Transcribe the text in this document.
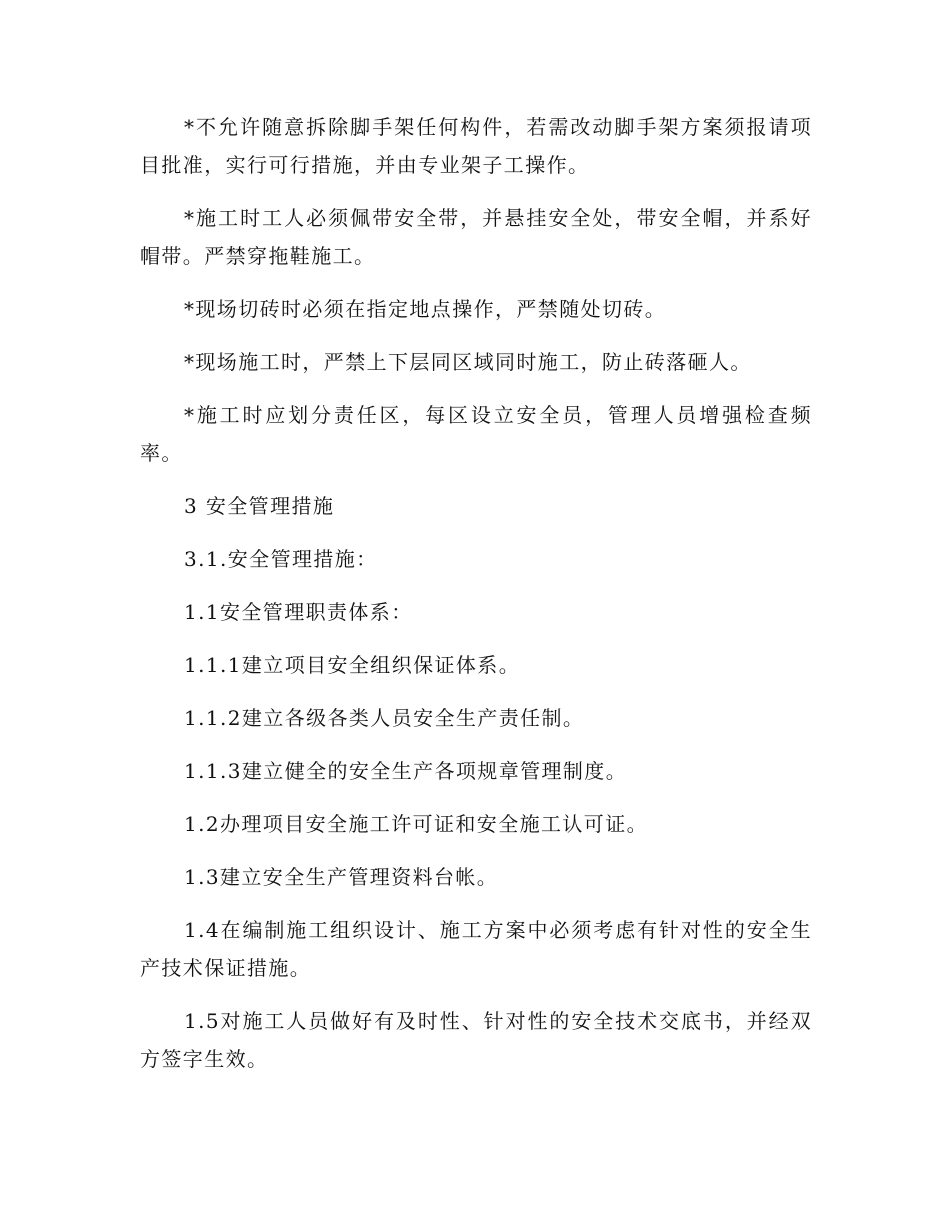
*不允许随意拆除脚手架任何构件，若需改动脚手架方案须报请项目批准，实行可行措施，并由专业架子工操作。

*施工时工人必须佩带安全带，并悬挂安全处，带安全帽，并系好帽带。严禁穿拖鞋施工。

*现场切砖时必须在指定地点操作，严禁随处切砖。

*现场施工时，严禁上下层同区域同时施工，防止砖落砸人。

*施工时应划分责任区，每区设立安全员，管理人员增强检查频率。

3 安全管理措施

3.1.安全管理措施：

1.1安全管理职责体系：

1.1.1建立项目安全组织保证体系。

1.1.2建立各级各类人员安全生产责任制。

1.1.3建立健全的安全生产各项规章管理制度。

1.2办理项目安全施工许可证和安全施工认可证。

1.3建立安全生产管理资料台帐。

1.4在编制施工组织设计、施工方案中必须考虑有针对性的安全生产技术保证措施。

1.5对施工人员做好有及时性、针对性的安全技术交底书，并经双方签字生效。
